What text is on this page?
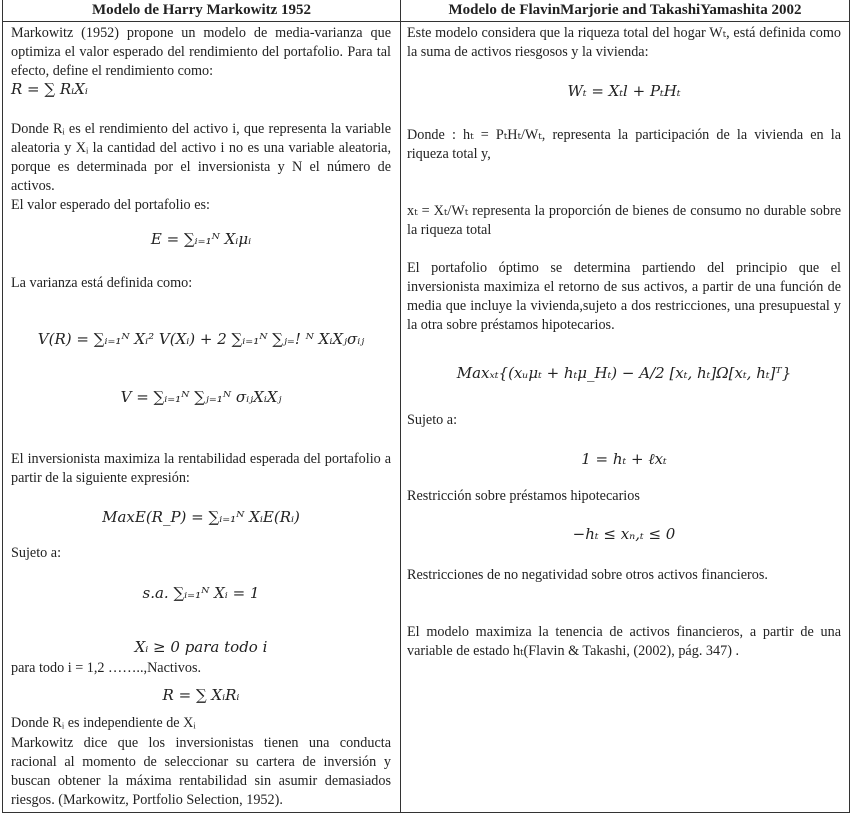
Modelo de Harry Markowitz 1952	Modelo de FlavinMarjorie and TakashiYamashita 2002
Markowitz (1952) propone un modelo de media-varianza que optimiza el valor esperado del rendimiento del portafolio. Para tal efecto, define el rendimiento como:
R = ∑ RᵢXᵢ
Donde Rᵢ es el rendimiento del activo i, que representa la variable aleatoria y Xᵢ la cantidad del activo i no es una variable aleatoria, porque es determinada por el inversionista y N el número de activos.
El valor esperado del portafolio es:
E = ∑ᵢ₌₁ᴺ Xᵢμᵢ
La varianza está definida como:
V(R) = ∑ᵢ₌₁ᴺ Xᵢ² V(Xᵢ) + 2 ∑ᵢ₌₁ᴺ ∑ⱼ₌! ᴺ XᵢXⱼσᵢⱼ
V = ∑ᵢ₌₁ᴺ ∑ⱼ₌₁ᴺ σᵢⱼXᵢXⱼ
El inversionista maximiza la rentabilidad esperada del portafolio a partir de la siguiente expresión:
MaxE(R_P) = ∑ᵢ₌₁ᴺ XᵢE(Rᵢ)
Sujeto a:
s.a. ∑ᵢ₌₁ᴺ Xᵢ = 1
Xᵢ ≥ 0 para todo i
para todo i = 1,2 ……..,Nactivos.
R = ∑ XᵢRᵢ
Donde Rᵢ es independiente de Xᵢ
Markowitz dice que los inversionistas tienen una conducta racional al momento de seleccionar su cartera de inversión y buscan obtener la máxima rentabilidad sin asumir demasiados riesgos. (Markowitz, Portfolio Selection, 1952).
Este modelo considera que la riqueza total del hogar Wₜ, está definida como la suma de activos riesgosos y la vivienda:
Wₜ = Xₜl + PₜHₜ
Donde : hₜ = PₜHₜ/Wₜ, representa la participación de la vivienda en la riqueza total y,
xₜ = Xₜ/Wₜ representa la proporción de bienes de consumo no durable sobre la riqueza total
El portafolio óptimo se determina partiendo del principio que el inversionista maximiza el retorno de sus activos, a partir de una función de media que incluye la vivienda,sujeto a dos restricciones, una presupuestal y la otra sobre préstamos hipotecarios.
Maxₓₜ{(xᵤμₜ + hₜμ_Hₜ) − A/2 [xₜ, hₜ]Ω[xₜ, hₜ]ᵀ}
Sujeto a:
1 = hₜ + ℓxₜ
Restricción sobre préstamos hipotecarios
−hₜ ≤ xₙ,ₜ ≤ 0
Restricciones de no negatividad sobre otros activos financieros.
El modelo maximiza la tenencia de activos financieros, a partir de una variable de estado hₜ(Flavin & Takashi, (2002), pág. 347) .
